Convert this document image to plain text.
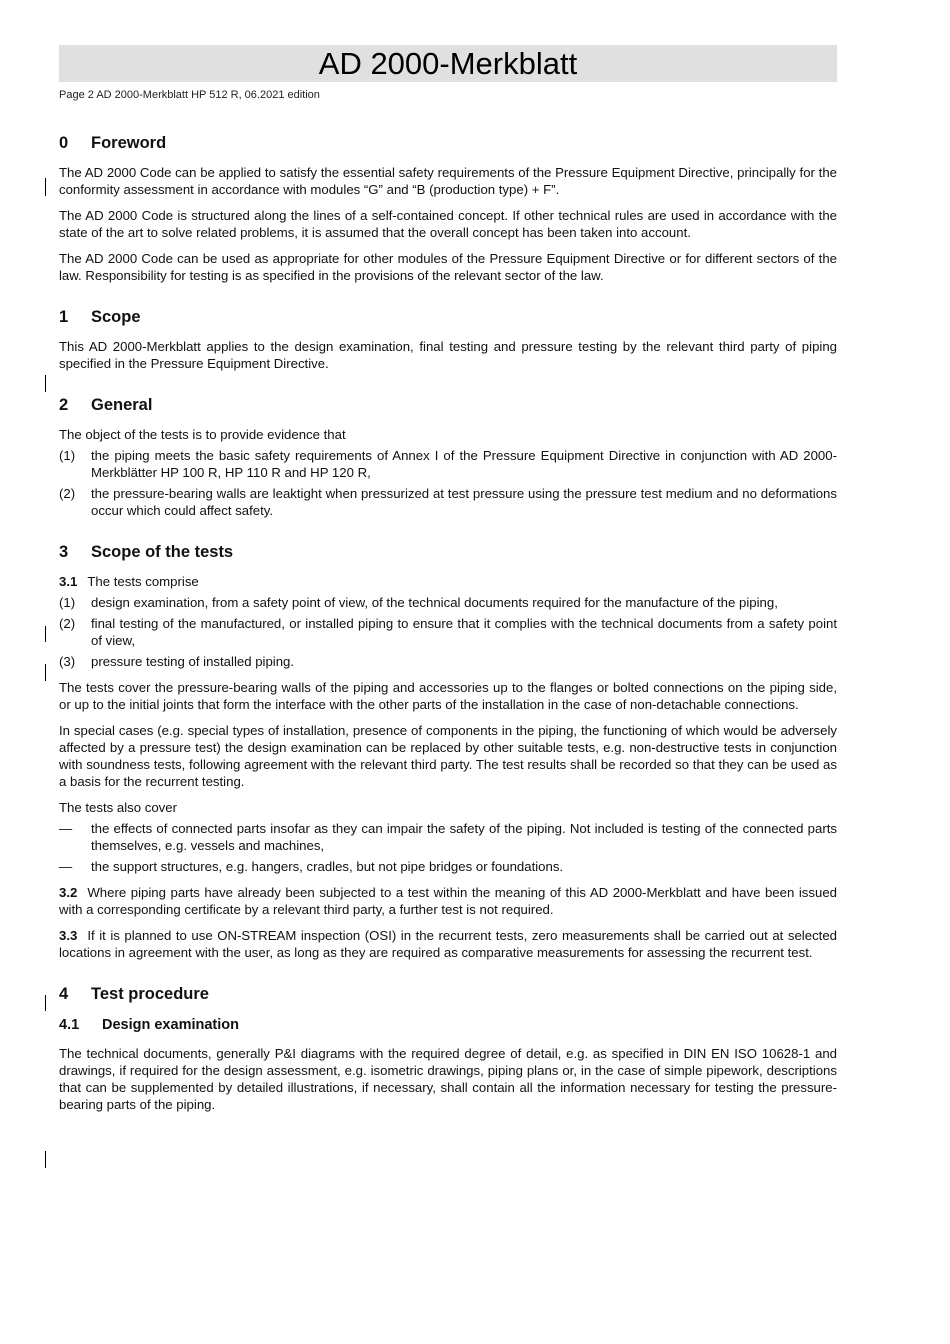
AD 2000-Merkblatt
Page 2 AD 2000-Merkblatt HP 512 R, 06.2021 edition
0 Foreword

The AD 2000 Code can be applied to satisfy the essential safety requirements of the Pressure Equipment Directive, principally for the conformity assessment in accordance with modules “G” and “B (production type) + F”.

The AD 2000 Code is structured along the lines of a self-contained concept. If other technical rules are used in accordance with the state of the art to solve related problems, it is assumed that the overall concept has been taken into account.

The AD 2000 Code can be used as appropriate for other modules of the Pressure Equipment Directive or for different sectors of the law. Responsibility for testing is as specified in the provisions of the relevant sector of the law.

1 Scope

This AD 2000-Merkblatt applies to the design examination, final testing and pressure testing by the relevant third party of piping specified in the Pressure Equipment Directive.

2 General

The object of the tests is to provide evidence that

(1)	the piping meets the basic safety requirements of Annex I of the Pressure Equipment Directive in conjunction with AD 2000-Merkblätter HP 100 R, HP 110 R and HP 120 R,
(2)	the pressure-bearing walls are leaktight when pressurized at test pressure using the pressure test medium and no deformations occur which could affect safety.
3 Scope of the tests

3.1 The tests comprise

(1)	design examination, from a safety point of view, of the technical documents required for the manufacture of the piping,
(2)	final testing of the manufactured, or installed piping to ensure that it complies with the technical documents from a safety point of view,
(3)	pressure testing of installed piping.

The tests cover the pressure-bearing walls of the piping and accessories up to the flanges or bolted connections on the piping side, or up to the initial joints that form the interface with the other parts of the installation in the case of non-detachable connections.

In special cases (e.g. special types of installation, presence of components in the piping, the functioning of which would be adversely affected by a pressure test) the design examination can be replaced by other suitable tests, e.g. non-destructive tests in conjunction with soundness tests, following agreement with the relevant third party. The test results shall be recorded so that they can be used as a basis for the recurrent testing.

The tests also cover

—	the effects of connected parts insofar as they can impair the safety of the piping. Not included is testing of the connected parts themselves, e.g. vessels and machines,
—	the support structures, e.g. hangers, cradles, but not pipe bridges or foundations.

3.2 Where piping parts have already been subjected to a test within the meaning of this AD 2000-Merkblatt and have been issued with a corresponding certificate by a relevant third party, a further test is not required.

3.3 If it is planned to use ON-STREAM inspection (OSI) in the recurrent tests, zero measurements shall be carried out at selected locations in agreement with the user, as long as they are required as comparative measurements for assessing the recurrent test.

4 Test procedure
4.1 Design examination

The technical documents, generally P&I diagrams with the required degree of detail, e.g. as specified in DIN EN ISO 10628-1 and drawings, if required for the design assessment, e.g. isometric drawings, piping plans or, in the case of simple pipework, descriptions that can be supplemented by detailed illustrations, if necessary, shall contain all the information necessary for testing the pressure-bearing parts of the piping.
